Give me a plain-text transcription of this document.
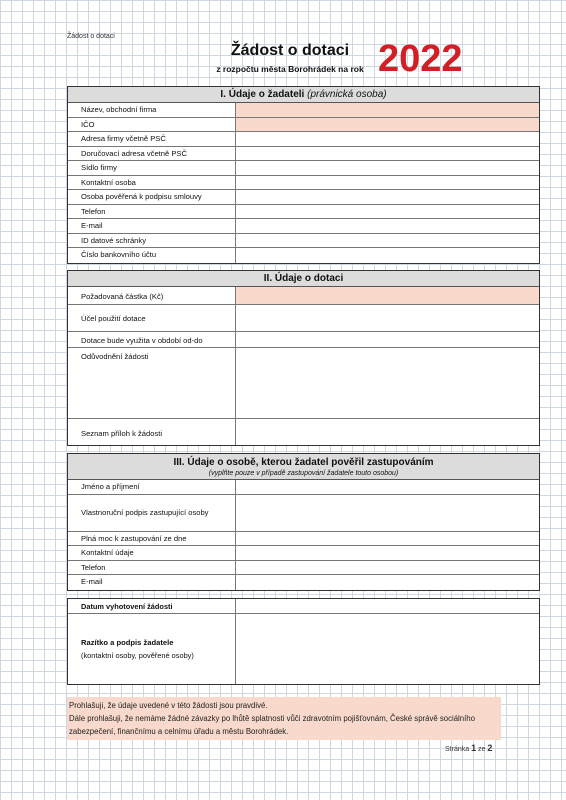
Žádost o dotaci
Žádost o dotaci
z rozpočtu města Borohrádek na rok 2022
I. Údaje o žadateli (právnická osoba)
Název, obchodní firma
IČO
Adresa firmy včetně PSČ
Doručovací adresa včetně PSČ
Sídlo firmy
Kontaktní osoba
Osoba pověřená k podpisu smlouvy
Telefon
E-mail
ID datové schránky
Číslo bankovního účtu
II. Údaje o dotaci
Požadovaná částka (Kč)
Účel použití dotace
Dotace bude využita v období od-do
Odůvodnění žádosti
Seznam příloh k žádosti
III. Údaje o osobě, kterou žadatel pověřil zastupováním
(vyplňte pouze v případě zastupování žadatele touto osobou)
Jméno a příjmení
Vlastnoruční podpis zastupující osoby
Plná moc k zastupování ze dne
Kontaktní údaje
Telefon
E-mail
Datum vyhotovení žádosti
Razítko a podpis žadatele
(kontaktní osoby, pověřené osoby)
Prohlašuji, že údaje uvedené v této žádosti jsou pravdivé.
Dále prohlašuji, že nemáme žádné závazky po lhůtě splatnosti vůči zdravotním pojišťovnám, České správě sociálního zabezpečení, finančnímu a celnímu úřadu a městu Borohrádek.
Stránka 1 ze 2
